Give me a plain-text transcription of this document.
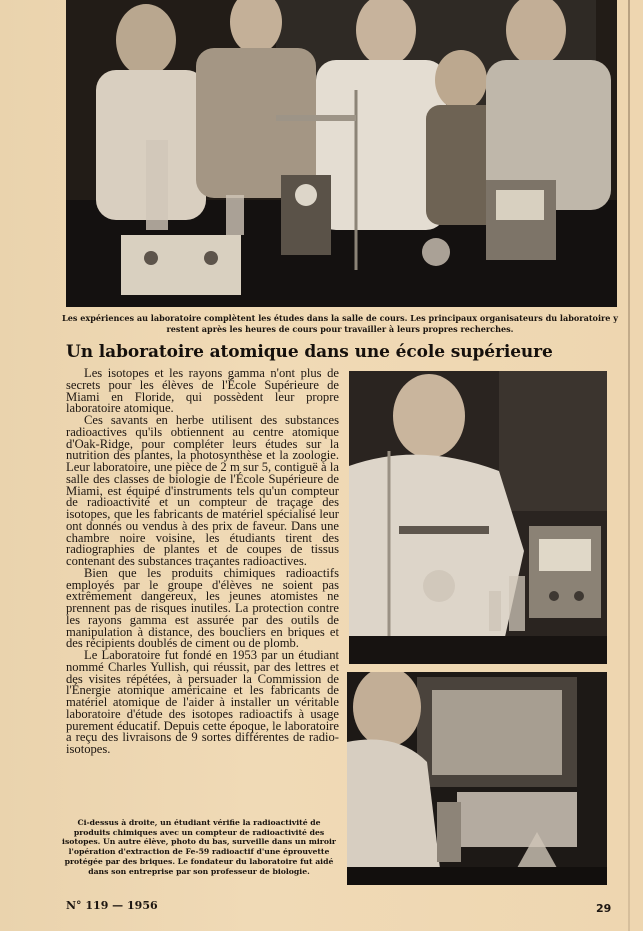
Les expériences au laboratoire complètent les études dans la salle de cours. Les principaux organisateurs du laboratoire y restent après les heures de cours pour travailler à leurs propres recherches.
Un laboratoire atomique dans une école supérieure

Les isotopes et les rayons gamma n'ont plus de secrets pour les élèves de l'École Supérieure de Miami en Floride, qui possèdent leur propre laboratoire atomique.

Ces savants en herbe utilisent des substances radioactives qu'ils obtiennent au centre atomique d'Oak-Ridge, pour compléter leurs études sur la nutrition des plantes, la photosynthèse et la zoologie. Leur laboratoire, une pièce de 2 m sur 5, contiguë à la salle des classes de biologie de l'École Supérieure de Miami, est équipé d'instruments tels qu'un compteur de radioactivité et un compteur de traçage des isotopes, que les fabricants de matériel spécialisé leur ont donnés ou vendus à des prix de faveur. Dans une chambre noire voisine, les étudiants tirent des radiographies de plantes et de coupes de tissus contenant des substances traçantes radioactives.

Bien que les produits chimiques radioactifs employés par le groupe d'élèves ne soient pas extrêmement dangereux, les jeunes atomistes ne prennent pas de risques inutiles. La protection contre les rayons gamma est assurée par des outils de manipulation à distance, des boucliers en briques et des récipients doublés de ciment ou de plomb.

Le Laboratoire fut fondé en 1953 par un étudiant nommé Charles Yullish, qui réussit, par des lettres et des visites répétées, à persuader la Commission de l'Énergie atomique américaine et les fabricants de matériel atomique de l'aider à installer un véritable laboratoire d'étude des isotopes radioactifs à usage purement éducatif. Depuis cette époque, le laboratoire a reçu des livraisons de 9 sortes différentes de radio-isotopes.

Ci-dessus à droite, un étudiant vérifie la radioactivité de produits chimiques avec un compteur de radioactivité des isotopes. Un autre élève, photo du bas, surveille dans un miroir l'opération d'extraction de Fe-59 radioactif d'une éprouvette protégée par des briques. Le fondateur du laboratoire fut aidé dans son entreprise par son professeur de biologie.
N° 119 — 1956	29
